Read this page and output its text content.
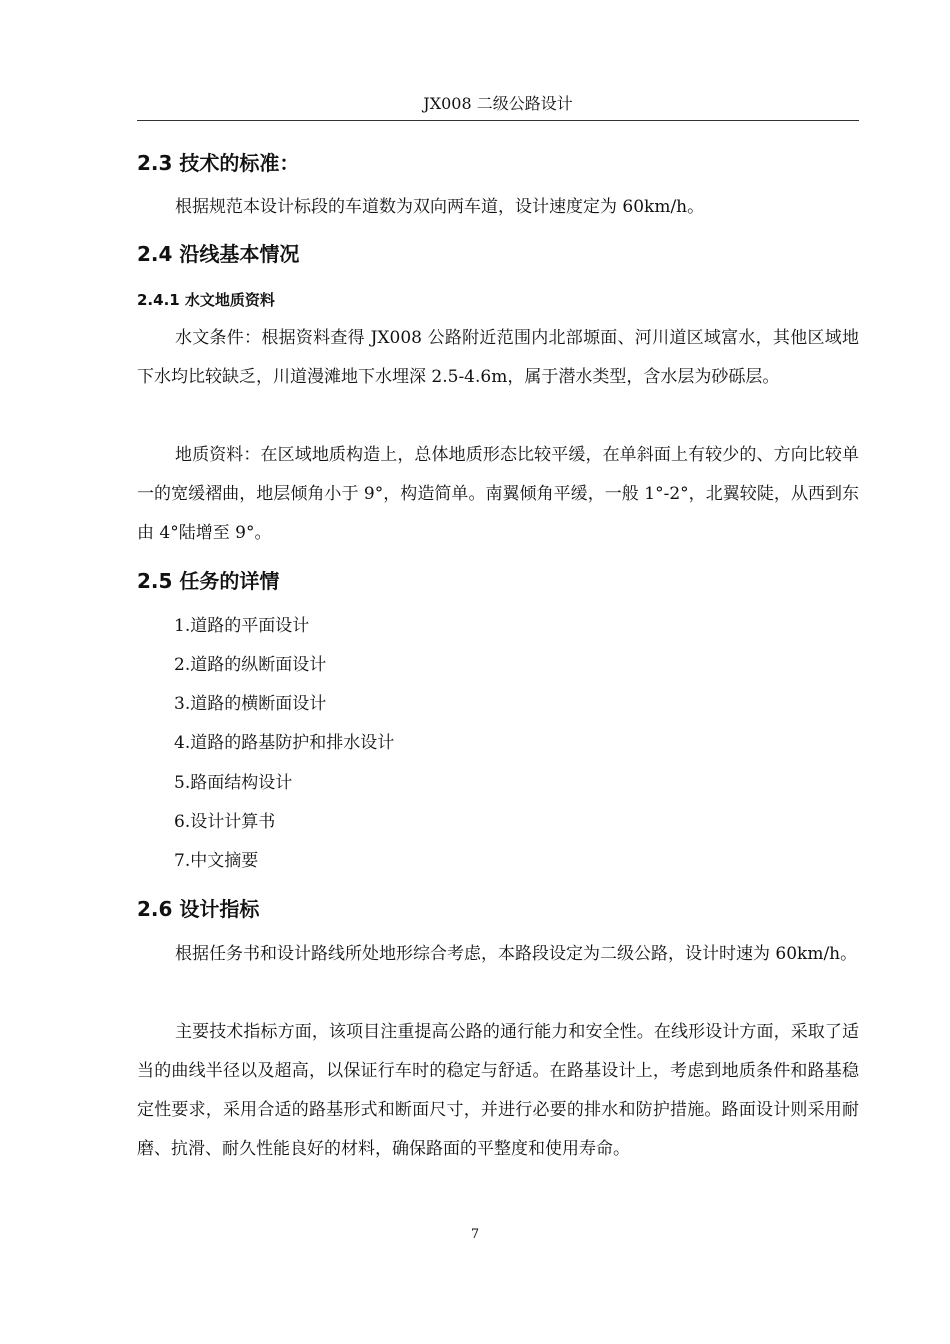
JX008 二级公路设计
2.3 技术的标准：
根据规范本设计标段的车道数为双向两车道，设计速度定为 60km/h。
2.4 沿线基本情况
2.4.1 水文地质资料
水文条件：根据资料查得 JX008 公路附近范围内北部塬面、河川道区域富水，其他区域地下水均比较缺乏，川道漫滩地下水埋深 2.5-4.6m，属于潜水类型，含水层为砂砾层。
地质资料：在区域地质构造上，总体地质形态比较平缓，在单斜面上有较少的、方向比较单一的宽缓褶曲，地层倾角小于 9°，构造简单。南翼倾角平缓，一般 1°-2°，北翼较陡，从西到东由 4°陆增至 9°。
2.5 任务的详情
1.道路的平面设计
2.道路的纵断面设计
3.道路的横断面设计
4.道路的路基防护和排水设计
5.路面结构设计
6.设计计算书
7.中文摘要
2.6 设计指标
根据任务书和设计路线所处地形综合考虑，本路段设定为二级公路，设计时速为 60km/h。
主要技术指标方面，该项目注重提高公路的通行能力和安全性。在线形设计方面，采取了适当的曲线半径以及超高，以保证行车时的稳定与舒适。在路基设计上，考虑到地质条件和路基稳定性要求，采用合适的路基形式和断面尺寸，并进行必要的排水和防护措施。路面设计则采用耐磨、抗滑、耐久性能良好的材料，确保路面的平整度和使用寿命。
7
